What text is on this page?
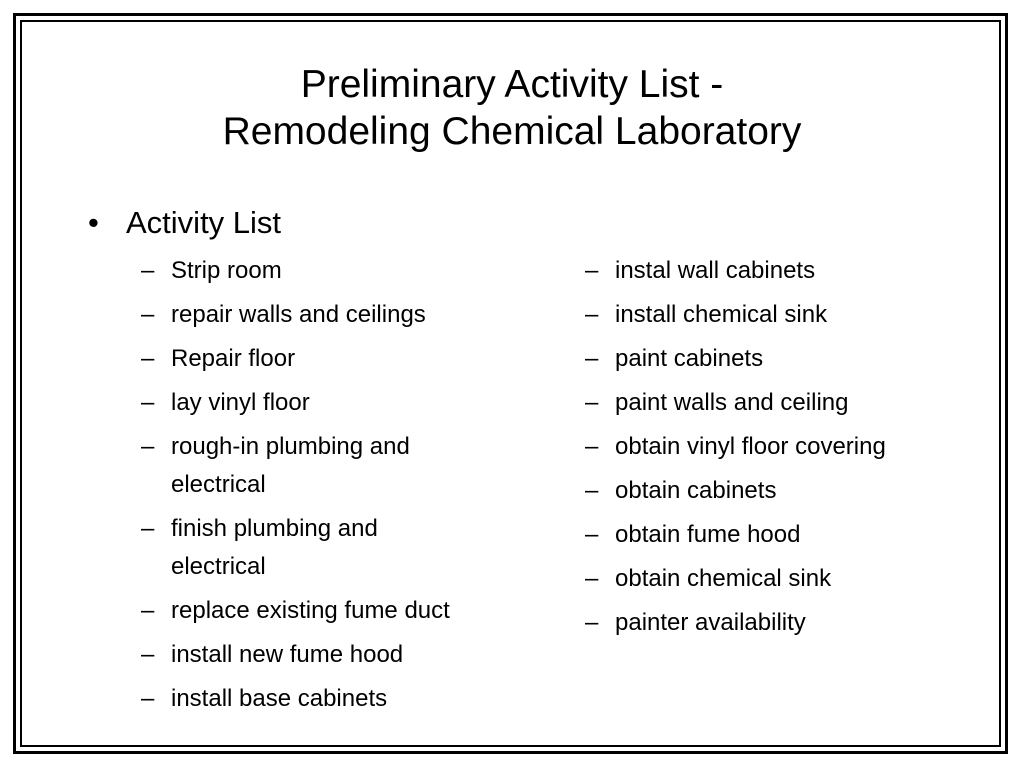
Preliminary Activity List -
Remodeling Chemical Laboratory
• Activity List
– Strip room
– repair walls and ceilings
– Repair floor
– lay vinyl floor
– rough-in plumbing and electrical
– finish plumbing and electrical
– replace existing fume duct
– install new fume hood
– install base cabinets
– instal wall cabinets
– install chemical sink
– paint cabinets
– paint walls and ceiling
– obtain vinyl floor covering
– obtain cabinets
– obtain fume hood
– obtain chemical sink
– painter availability
